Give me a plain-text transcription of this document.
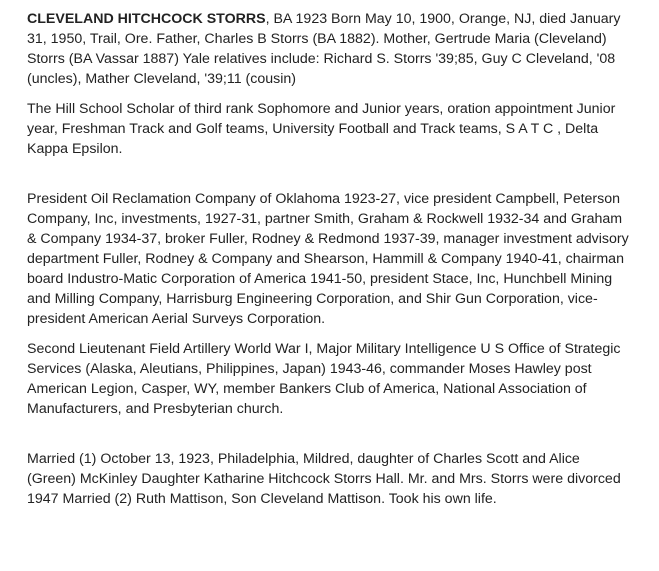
CLEVELAND HITCHCOCK STORRS, BA 1923 Born May 10, 1900, Orange, NJ, died January 31, 1950, Trail, Ore. Father, Charles B Storrs (BA 1882). Mother, Gertrude Maria (Cleveland) Storrs (BA Vassar 1887) Yale relatives include: Richard S. Storrs '39;85, Guy C Cleveland, '08 (uncles), Mather Cleveland, '39;11 (cousin)

The Hill School Scholar of third rank Sophomore and Junior years, oration appointment Junior year, Freshman Track and Golf teams, University Football and Track teams, S A T C , Delta Kappa Epsilon.

President Oil Reclamation Company of Oklahoma 1923-27, vice president Campbell, Peterson Company, Inc, investments, 1927-31, partner Smith, Graham & Rockwell 1932-34 and Graham & Company 1934-37, broker Fuller, Rodney & Redmond 1937-39, manager investment advisory department Fuller, Rodney & Company and Shearson, Hammill & Company 1940-41, chairman board Industro-Matic Corporation of America 1941-50, president Stace, Inc, Hunchbell Mining and Milling Company, Harrisburg Engineering Corporation, and Shir Gun Corporation, vice-president American Aerial Surveys Corporation.

Second Lieutenant Field Artillery World War I, Major Military Intelligence U S Office of Strategic Services (Alaska, Aleutians, Philippines, Japan) 1943-46, commander Moses Hawley post American Legion, Casper, WY, member Bankers Club of America, National Association of Manufacturers, and Presbyterian church.

Married (1) October 13, 1923, Philadelphia, Mildred, daughter of Charles Scott and Alice (Green) McKinley Daughter Katharine Hitchcock Storrs Hall. Mr. and Mrs. Storrs were divorced 1947 Married (2) Ruth Mattison, Son Cleveland Mattison. Took his own life.
